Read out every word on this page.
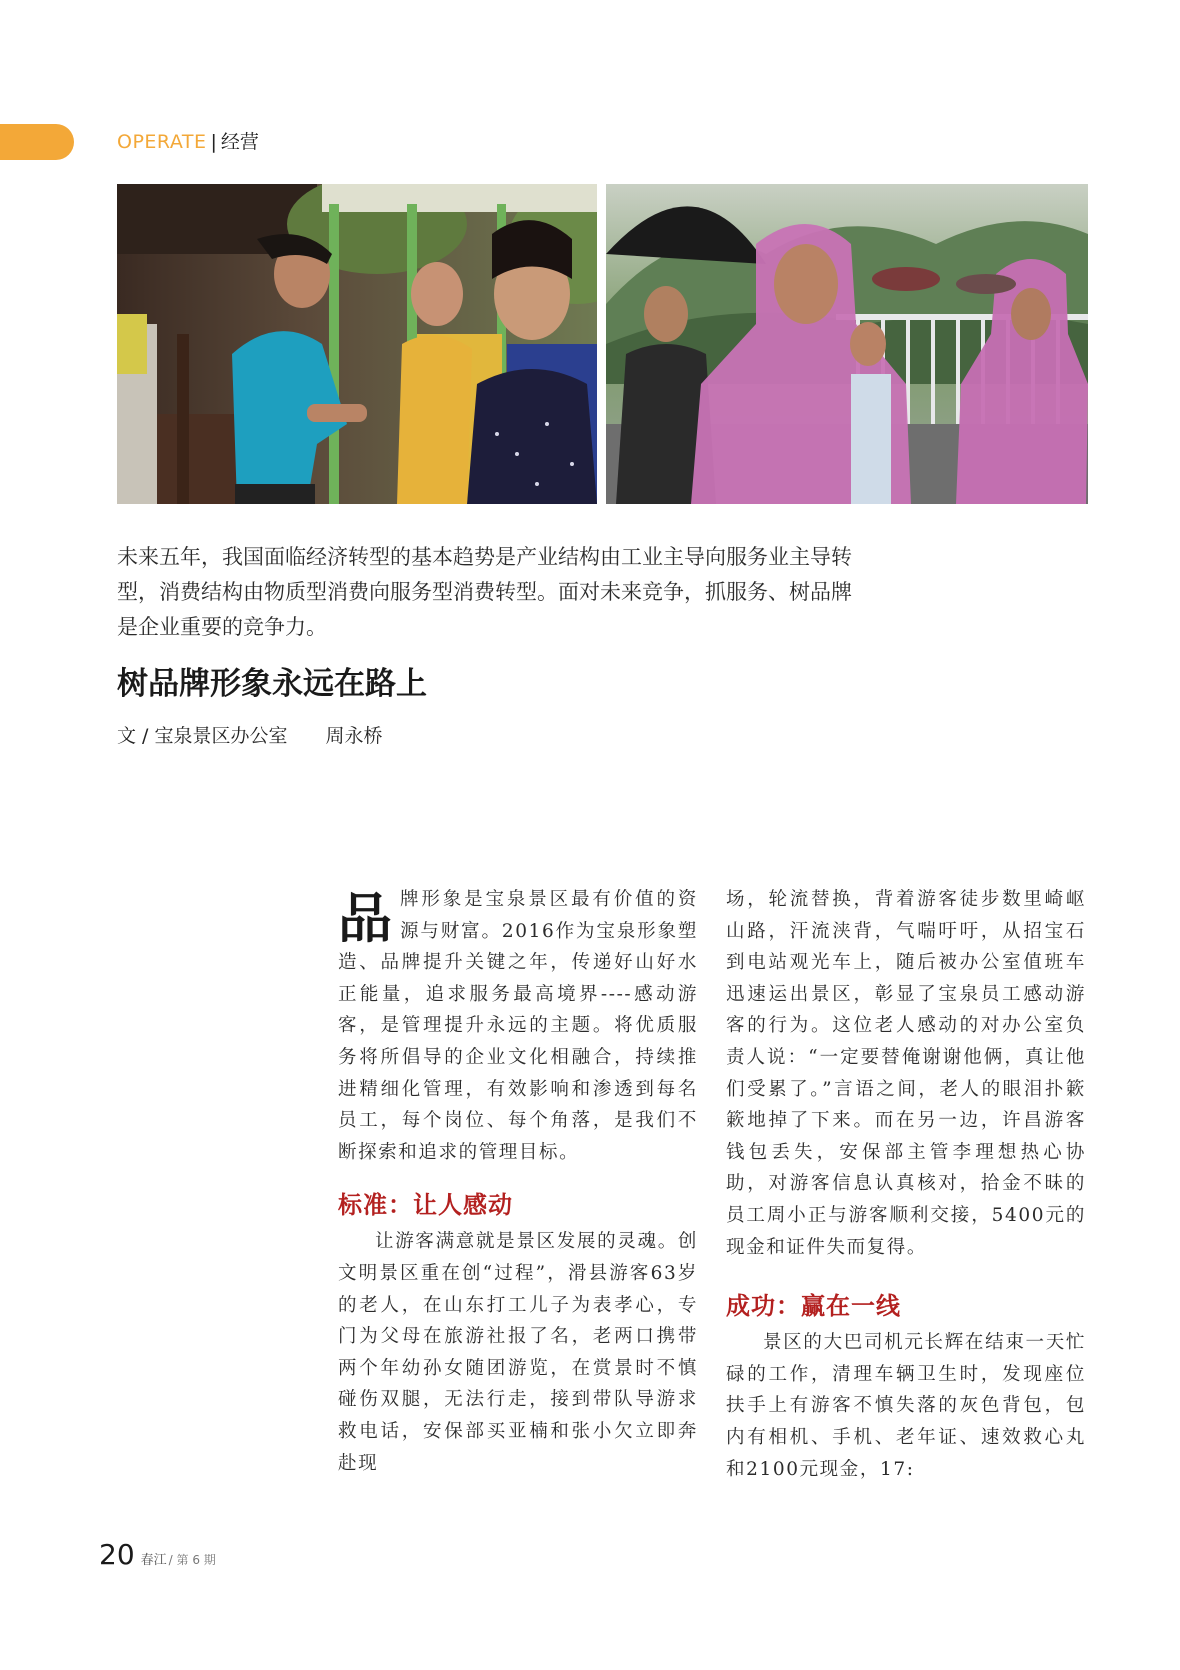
OPERATE | 经营
未来五年，我国面临经济转型的基本趋势是产业结构由工业主导向服务业主导转型，消费结构由物质型消费向服务型消费转型。面对未来竞争，抓服务、树品牌是企业重要的竞争力。
树品牌形象永远在路上
文 / 宝泉景区办公室 周永桥

品牌形象是宝泉景区最有价值的资源与财富。2016作为宝泉形象塑造、品牌提升关键之年，传递好山好水正能量，追求服务最高境界----感动游客，是管理提升永远的主题。将优质服务将所倡导的企业文化相融合，持续推进精细化管理，有效影响和渗透到每名员工，每个岗位、每个角落，是我们不断探索和追求的管理目标。

标准：让人感动

让游客满意就是景区发展的灵魂。创文明景区重在创“过程”，滑县游客63岁的老人，在山东打工儿子为表孝心，专门为父母在旅游社报了名，老两口携带两个年幼孙女随团游览，在赏景时不慎碰伤双腿，无法行走，接到带队导游求救电话，安保部买亚楠和张小欠立即奔赴现

场，轮流替换，背着游客徒步数里崎岖山路，汗流浃背，气喘吁吁，从招宝石到电站观光车上，随后被办公室值班车迅速运出景区，彰显了宝泉员工感动游客的行为。这位老人感动的对办公室负责人说：“一定要替俺谢谢他俩，真让他们受累了。”言语之间，老人的眼泪扑簌簌地掉了下来。而在另一边，许昌游客钱包丢失，安保部主管李理想热心协助，对游客信息认真核对，拾金不昧的员工周小正与游客顺利交接，5400元的现金和证件失而复得。

成功：赢在一线

景区的大巴司机元长辉在结束一天忙碌的工作，清理车辆卫生时，发现座位扶手上有游客不慎失落的灰色背包，包内有相机、手机、老年证、速效救心丸和2100元现金，17:

20 春江 / 第 6 期
